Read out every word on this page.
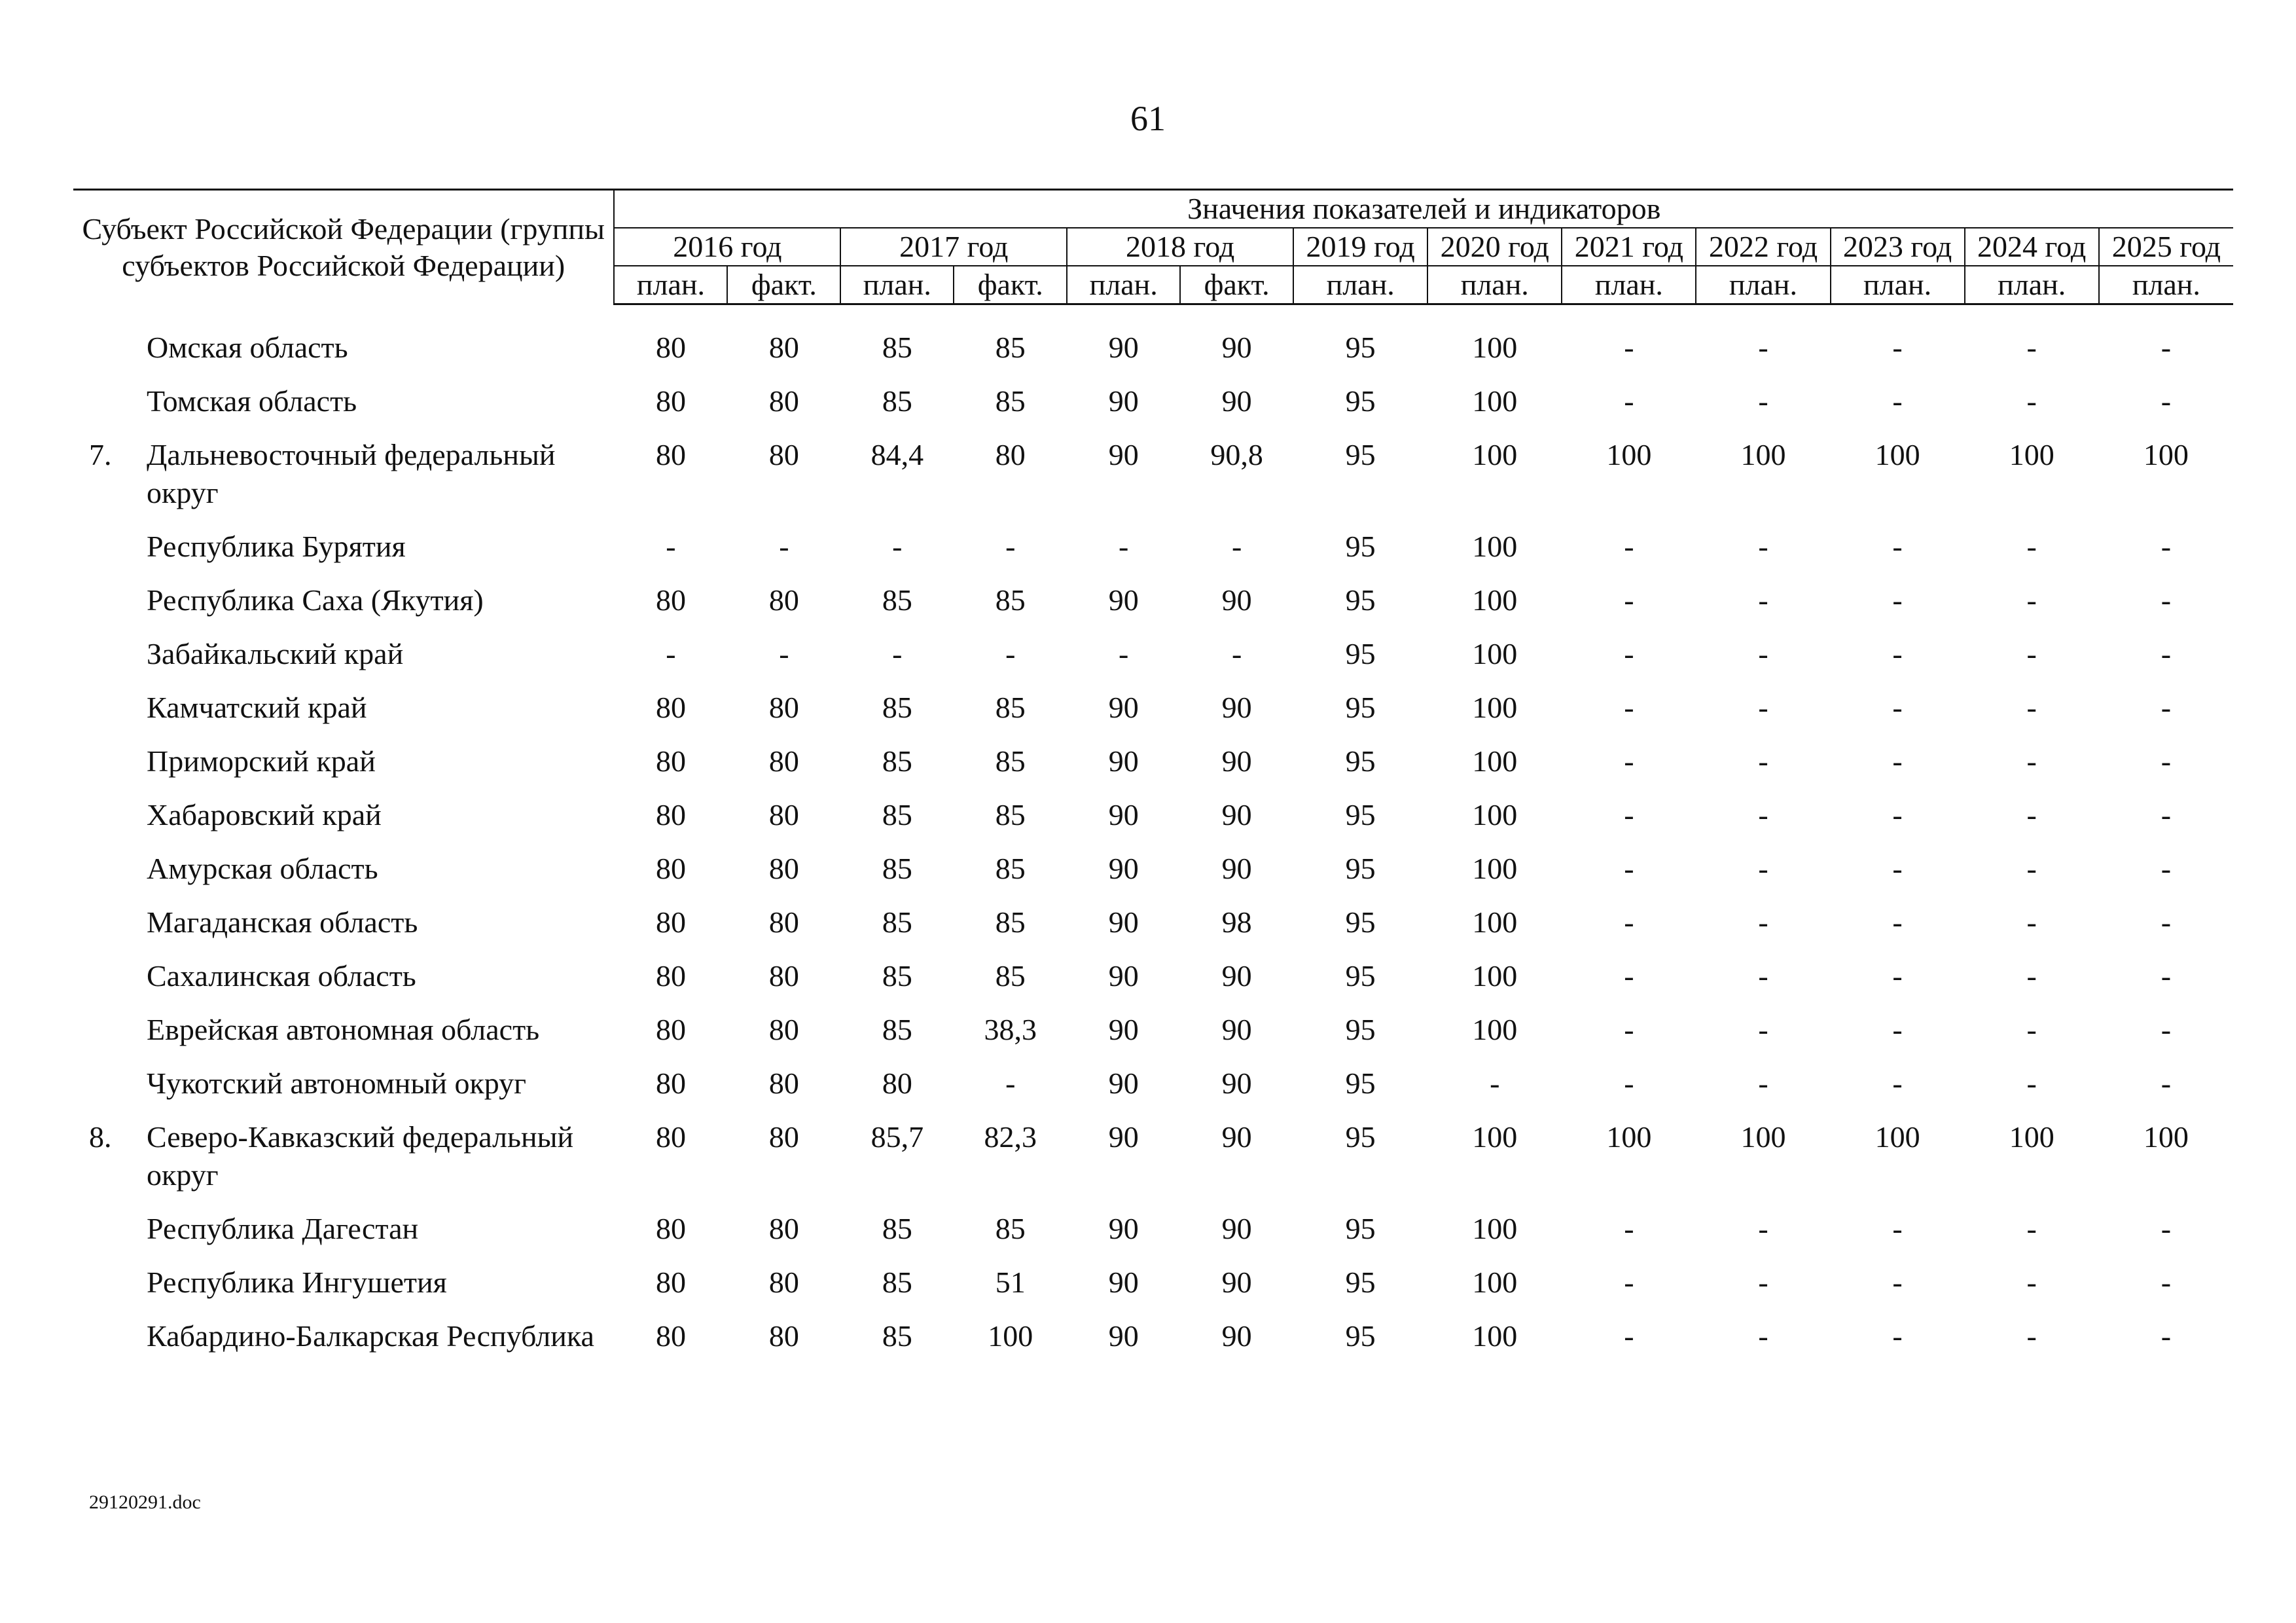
61
Субъект Российской Федерации (группы субъектов Российской Федерации)	Значения показателей и индикаторов												
	2016 год		2017 год		2018 год		2019 год	2020 год	2021 год	2022 год	2023 год	2024 год	2025 год
	план.	факт.	план.	факт.	план.	факт.	план.	план.	план.	план.	план.	план.	план.

Омская область	80	80	85	85	90	90	95	100	-	-	-	-	-
Томская область	80	80	85	85	90	90	95	100	-	-	-	-	-

7. Дальневосточный федеральный округ	80	80	84,4	80	90	90,8	95	100	100	100	100	100	100
Республика Бурятия	-	-	-	-	-	-	95	100	-	-	-	-	-
Республика Саха (Якутия)	80	80	85	85	90	90	95	100	-	-	-	-	-
Забайкальский край	-	-	-	-	-	-	95	100	-	-	-	-	-
Камчатский край	80	80	85	85	90	90	95	100	-	-	-	-	-
Приморский край	80	80	85	85	90	90	95	100	-	-	-	-	-
Хабаровский край	80	80	85	85	90	90	95	100	-	-	-	-	-
Амурская область	80	80	85	85	90	90	95	100	-	-	-	-	-
Магаданская область	80	80	85	85	90	98	95	100	-	-	-	-	-
Сахалинская область	80	80	85	85	90	90	95	100	-	-	-	-	-
Еврейская автономная область	80	80	85	38,3	90	90	95	100	-	-	-	-	-
Чукотский автономный округ	80	80	80	-	90	90	95	-	-	-	-	-	-

8. Северо-Кавказский федеральный округ	80	80	85,7	82,3	90	90	95	100	100	100	100	100	100
Республика Дагестан	80	80	85	85	90	90	95	100	-	-	-	-	-
Республика Ингушетия	80	80	85	51	90	90	95	100	-	-	-	-	-
Кабардино-Балкарская Республика	80	80	85	100	90	90	95	100	-	-	-	-	-
29120291.doc
